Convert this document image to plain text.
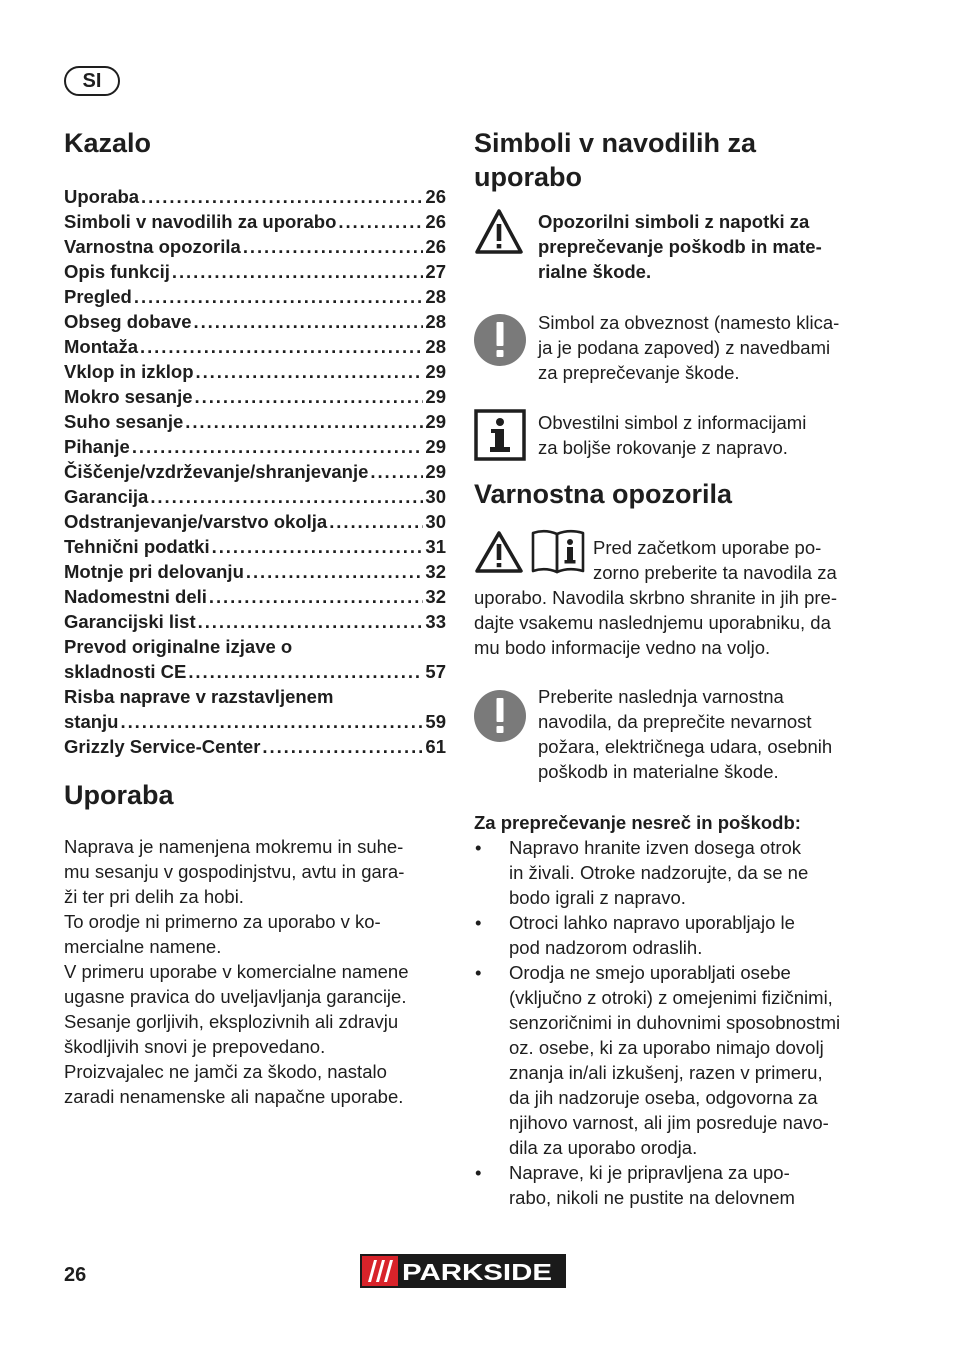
SI
Kazalo
Uporaba . . .	26
Simboli v navodilih za uporabo . . .	26
Varnostna opozorila . . .	26
Opis funkcij . . .	27
Pregled . . .	28
Obseg dobave . . .	28
Montaža . . .	28
Vklop in izklop . . .	29
Mokro sesanje . . .	29
Suho sesanje . . .	29
Pihanje . . .	29
Čiščenje/vzdrževanje/shranjevanje . . .	29
Garancija . . .	30
Odstranjevanje/varstvo okolja . . .	30
Tehnični podatki . . .	31
Motnje pri delovanju . . .	32
Nadomestni deli . . .	32
Garancijski list . . .	33
Prevod originalne izjave o
skladnosti CE . . .	57
Risba naprave v razstavljenem
stanju . . .	59
Grizzly Service-Center . . .	61
Uporaba

Naprava je namenjena mokremu in suhe-

mu sesanju v gospodinjstvu, avtu in gara-

ži ter pri delih za hobi.

To orodje ni primerno za uporabo v ko-

mercialne namene.

V primeru uporabe v komercialne namene

ugasne pravica do uveljavljanja garancije.

Sesanje gorljivih, eksplozivnih ali zdravju

škodljivih snovi je prepovedano.

Proizvajalec ne jamči za škodo, nastalo

zaradi nenamenske ali napačne uporabe.

Simboli v navodilih za
uporabo
Opozorilni simboli z napotki za
preprečevanje poškodb in mate-
rialne škode.
Simbol za obveznost (namesto klica-
ja je podana zapoved) z navedbami
za preprečevanje škode.
Obvestilni simbol z informacijami
za boljše rokovanje z napravo.
Varnostna opozorila
Pred začetkom uporabe po-
zorno preberite ta navodila za
uporabo. Navodila skrbno shranite in jih pre-
dajte vsakemu naslednjemu uporabniku, da
mu bodo informacije vedno na voljo.
Preberite naslednja varnostna
navodila, da preprečite nevarnost
požara, električnega udara, osebnih
poškodb in materialne škode.
Za preprečevanje nesreč in poškodb:
• Napravo hranite izven dosega otrok
in živali. Otroke nadzorujte, da se ne
bodo igrali z napravo.
• Otroci lahko napravo uporabljajo le
pod nadzorom odraslih.
• Orodja ne smejo uporabljati osebe
(vključno z otroki) z omejenimi fizičnimi,
senzoričnimi in duhovnimi sposobnostmi
oz. osebe, ki za uporabo nimajo dovolj
znanja in/ali izkušenj, razen v primeru,
da jih nadzoruje oseba, odgovorna za
njihovo varnost, ali jim posreduje navo-
dila za uporabo orodja.
• Naprave, ki je pripravljena za upo-
rabo, nikoli ne pustite na delovnem
26	PARKSIDE
